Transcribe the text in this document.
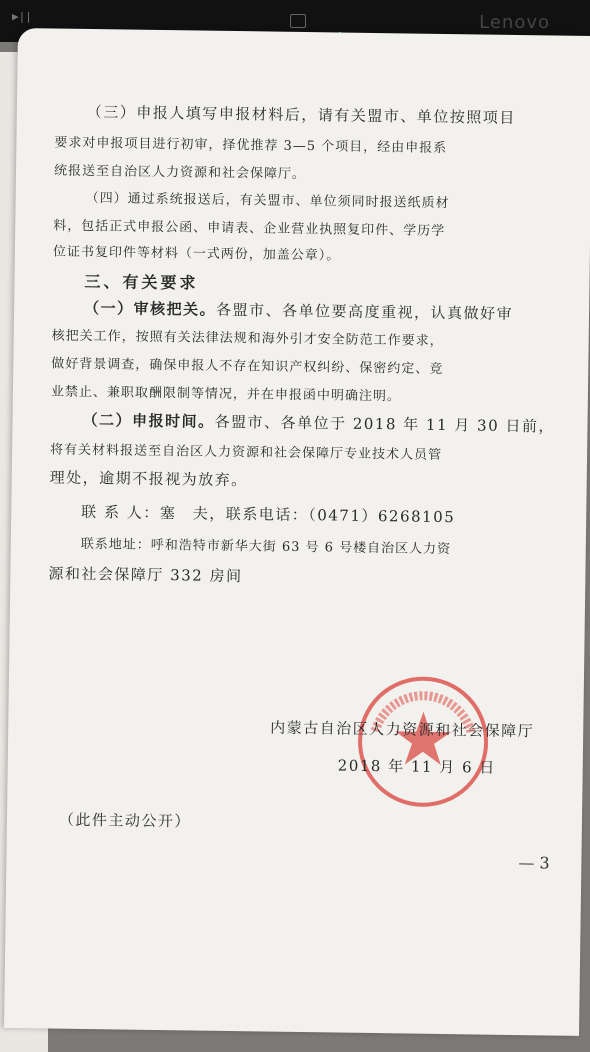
▶||	Lenovo
（三）申报人填写申报材料后，请有关盟市、单位按照项目
要求对申报项目进行初审，择优推荐 3—5 个项目，经由申报系
统报送至自治区人力资源和社会保障厅。
（四）通过系统报送后，有关盟市、单位须同时报送纸质材
料，包括正式申报公函、申请表、企业营业执照复印件、学历学
位证书复印件等材料（一式两份，加盖公章）。
三、有关要求
（一）审核把关。各盟市、各单位要高度重视，认真做好审
核把关工作，按照有关法律法规和海外引才安全防范工作要求，
做好背景调查，确保申报人不存在知识产权纠纷、保密约定、竞
业禁止、兼职取酬限制等情况，并在申报函中明确注明。
（二）申报时间。各盟市、各单位于 2018 年 11 月 30 日前，
将有关材料报送至自治区人力资源和社会保障厅专业技术人员管
理处，逾期不报视为放弃。
联 系 人：塞　夫，联系电话：（0471）6268105
联系地址：呼和浩特市新华大街 63 号 6 号楼自治区人力资
源和社会保障厅 332 房间
内蒙古自治区人力资源和社会保障厅
2018 年 11 月 6 日
（此件主动公开）
— 3
